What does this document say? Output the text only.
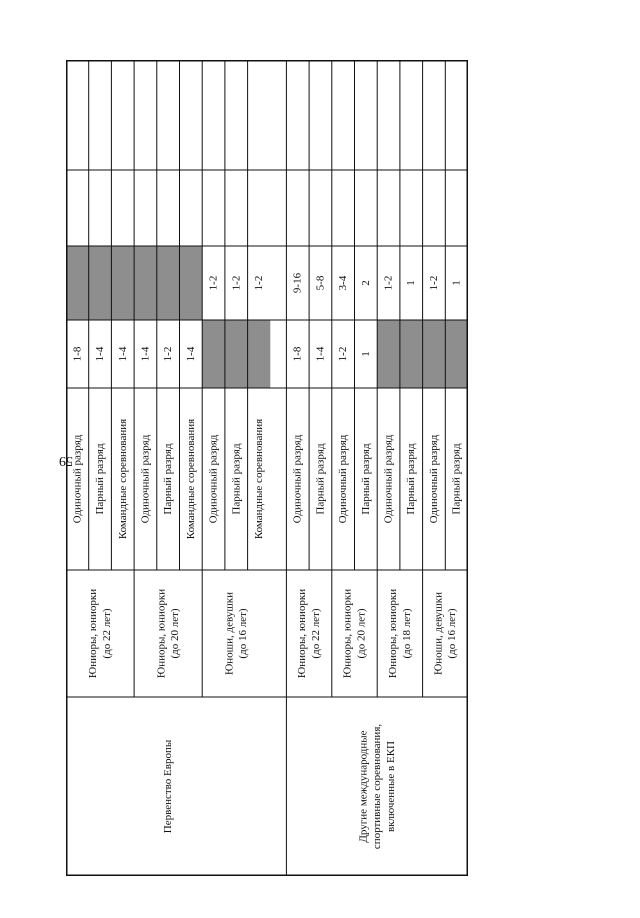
59
Первенство Европы
Юниоры, юниорки (до 22 лет)
Одиночный разряд
1-8
Парный разряд
1-4
Командные соревнования
1-4
Юниоры, юниорки (до 20 лет)
Одиночный разряд
1-4
Парный разряд
1-2
Командные соревнования
1-4
Юноши, девушки (до 16 лет)
Одиночный разряд
1-2
Парный разряд
1-2
Командные соревнования
1-2
Другие международные спортивные соревнования, включенные в ЕКП
Юниоры, юниорки (до 22 лет)
Одиночный разряд
1-8
9-16
Парный разряд
1-4
5-8
Юниоры, юниорки (до 20 лет)
Одиночный разряд
1-2
3-4
Парный разряд
1
2
Юниоры, юниорки (до 18 лет)
Одиночный разряд
1-2
Парный разряд
1
Юноши, девушки (до 16 лет)
Одиночный разряд
1-2
Парный разряд
1
